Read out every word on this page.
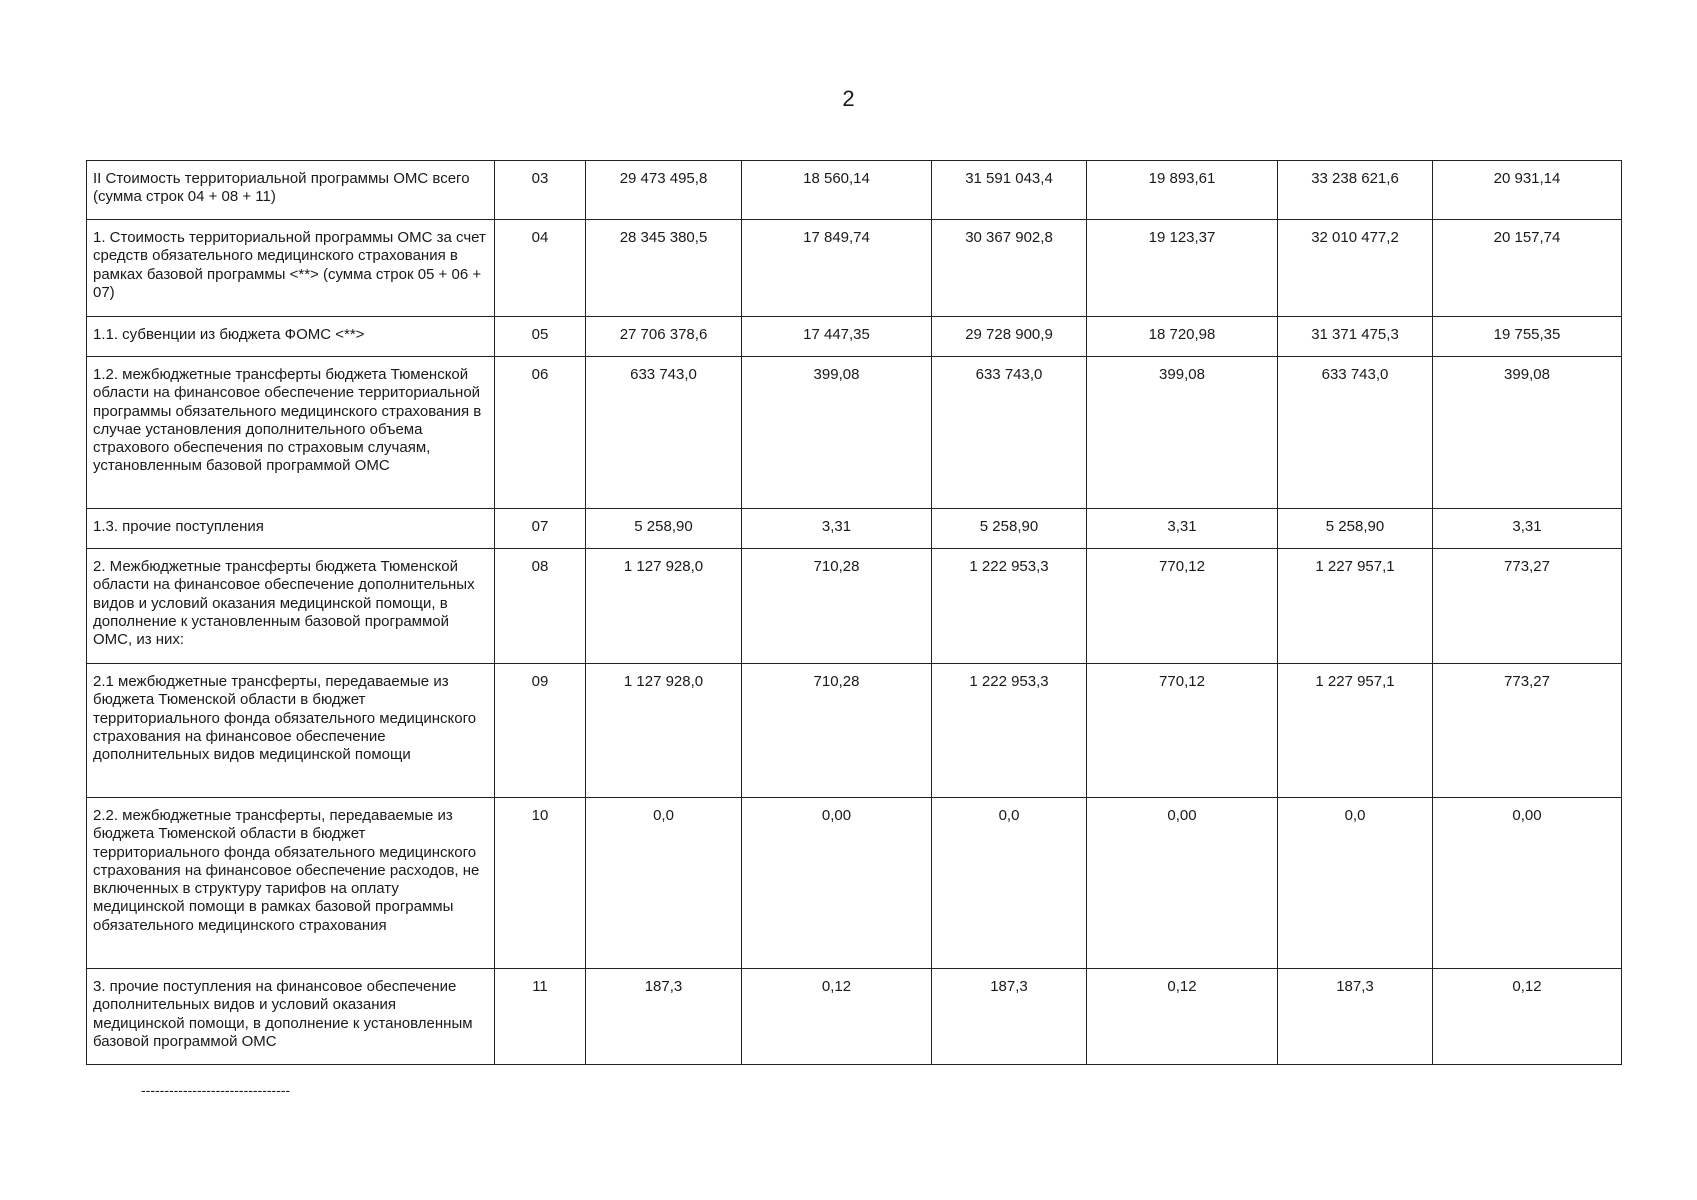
2
II Стоимость территориальной программы ОМС всего (сумма строк 04 + 08 + 11)	03	29 473 495,8	18 560,14	31 591 043,4	19 893,61	33 238 621,6	20 931,14
1. Стоимость территориальной программы ОМС за счет средств обязательного медицинского страхования в рамках базовой программы <**> (сумма строк 05 + 06 + 07)	04	28 345 380,5	17 849,74	30 367 902,8	19 123,37	32 010 477,2	20 157,74
1.1. субвенции из бюджета ФОМС <**>	05	27 706 378,6	17 447,35	29 728 900,9	18 720,98	31 371 475,3	19 755,35
1.2. межбюджетные трансферты бюджета Тюменской области на финансовое обеспечение территориальной программы обязательного медицинского страхования в случае установления дополнительного объема страхового обеспечения по страховым случаям, установленным базовой программой ОМС	06	633 743,0	399,08	633 743,0	399,08	633 743,0	399,08
1.3. прочие поступления	07	5 258,90	3,31	5 258,90	3,31	5 258,90	3,31
2. Межбюджетные трансферты бюджета Тюменской области на финансовое обеспечение дополнительных видов и условий оказания медицинской помощи, в дополнение к установленным базовой программой ОМС, из них:	08	1 127 928,0	710,28	1 222 953,3	770,12	1 227 957,1	773,27
2.1 межбюджетные трансферты, передаваемые из бюджета Тюменской области в бюджет территориального фонда обязательного медицинского страхования на финансовое обеспечение дополнительных видов медицинской помощи	09	1 127 928,0	710,28	1 222 953,3	770,12	1 227 957,1	773,27
2.2. межбюджетные трансферты, передаваемые из бюджета Тюменской области в бюджет территориального фонда обязательного медицинского страхования на финансовое обеспечение расходов, не включенных в структуру тарифов на оплату медицинской помощи в рамках базовой программы обязательного медицинского страхования	10	0,0	0,00	0,0	0,00	0,0	0,00
3. прочие поступления на финансовое обеспечение дополнительных видов и условий оказания медицинской помощи, в дополнение к установленным базовой программой ОМС	11	187,3	0,12	187,3	0,12	187,3	0,12
--------------------------------
